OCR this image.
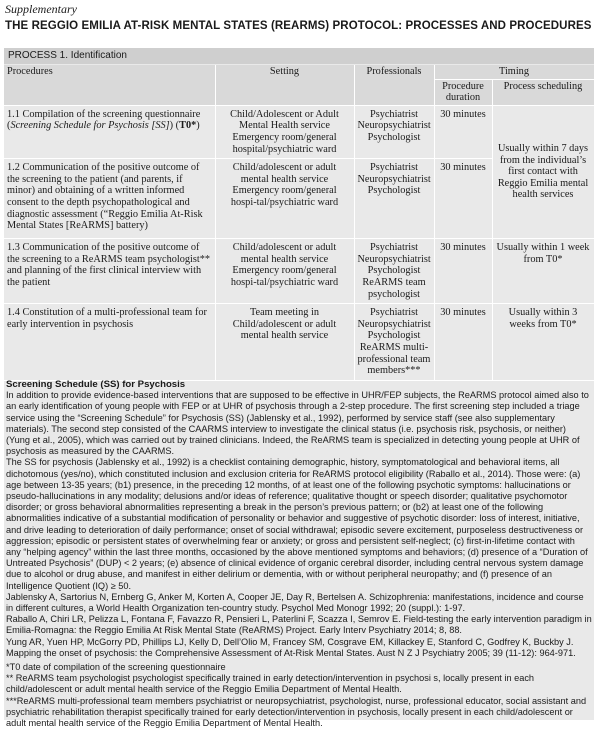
Supplementary
THE REGGIO EMILIA AT-RISK MENTAL STATES (REARMS) PROTOCOL: PROCESSES AND PROCEDURES
PROCESS 1. Identification
Procedures	Setting	Professionals	Timing	
			Procedure duration	Process scheduling
1.1 Compilation of the screening questionnaire (Screening Schedule for Psychosis [SS]) (T0*)	Child/Adolescent or Adult Mental Health service Emergency room/general hospital/psychiatric ward	Psychiatrist Neuropsychiatrist Psychologist	30 minutes	Usually within 7 days from the individual’s first contact with Reggio Emilia mental health services
1.2 Communication of the positive outcome of the screening to the patient (and parents, if minor) and obtaining of a written informed consent to the depth psychopathological and diagnostic assessment (“Reggio Emilia At-Risk Mental States [ReARMS] battery)	Child/adolescent or adult mental health service Emergency room/general hospi-tal/psychiatric ward	Psychiatrist Neuropsychiatrist Psychologist	30 minutes	
1.3 Communication of the positive outcome of the screening to a ReARMS team psychologist** and planning of the first clinical interview with the patient	Child/adolescent or adult mental health service Emergency room/general hospi-tal/psychiatric ward	Psychiatrist Neuropsychiatrist Psychologist ReARMS team psychologist	30 minutes	Usually within 1 week from T0*
1.4 Constitution of a multi-professional team for early intervention in psychosis	Team meeting in Child/adolescent or adult mental health service	Psychiatrist Neuropsychiatrist Psychologist ReARMS multi-professional team members***	30 minutes	Usually within 3 weeks from T0*

Screening Schedule (SS) for Psychosis

In addition to provide evidence-based interventions that are supposed to be effective in UHR/FEP subjects, the ReARMS protocol aimed also to an early identification of young people with FEP or at UHR of psychosis through a 2-step procedure. The first screening step included a triage service using the “Screening Schedule” for Psychosis (SS) (Jablensky et al., 1992), performed by service staff (see also supplementary materials). The second step consisted of the CAARMS interview to investigate the clinical status (i.e. psychosis risk, psychosis, or neither) (Yung et al., 2005), which was carried out by trained clinicians. Indeed, the ReARMS team is specialized in detecting young people at UHR of psychosis as measured by the CAARMS.

The SS for psychosis (Jablensky et al., 1992) is a checklist containing demographic, history, symptomatological and behavioral items, all dichotomous (yes/no), which constituted inclusion and exclusion criteria for ReARMS protocol eligibility (Raballo et al., 2014). Those were: (a) age between 13-35 years; (b1) presence, in the preceding 12 months, of at least one of the following psychotic symptoms: hallucinations or pseudo-hallucinations in any modality; delusions and/or ideas of reference; qualitative thought or speech disorder; qualitative psychomotor disorder; or gross behavioral abnormalities representing a break in the person’s previous pattern; or (b2) at least one of the following abnormalities indicative of a substantial modification of personality or behavior and suggestive of psychotic disorder: loss of interest, initiative, and drive leading to deterioration of daily performance; onset of social withdrawal; episodic severe excitement, purposeless destructiveness or aggression; episodic or persistent states of overwhelming fear or anxiety; or gross and persistent self-neglect; (c) first-in-lifetime contact with any “helping agency” within the last three months, occasioned by the above mentioned symptoms and behaviors; (d) presence of a “Duration of Untreated Psychosis” (DUP) < 2 years; (e) absence of clinical evidence of organic cerebral disorder, including central nervous system damage due to alcohol or drug abuse, and manifest in either delirium or dementia, with or without peripheral neuropathy; and (f) presence of an Intelligence Quotient (IQ) ≥ 50.

Jablensky A, Sartorius N, Ernberg G, Anker M, Korten A, Cooper JE, Day R, Bertelsen A. Schizophrenia: manifestations, incidence and course in different cultures, a World Health Organization ten-country study. Psychol Med Monogr 1992; 20 (suppl.): 1-97.

Raballo A, Chiri LR, Pelizza L, Fontana F, Favazzo R, Pensieri L, Paterlini F, Scazza I, Semrov E. Field-testing the early intervention paradigm in Emilia-Romagna: the Reggio Emilia At Risk Mental State (ReARMS) Project. Early Interv Psychiatry 2014; 8, 88.

Yung AR, Yuen HP, McGorry PD, Phillips LJ, Kelly D, Dell’Olio M, Francey SM, Cosgrave EM, Killackey E, Stanford C, Godfrey K, Buckby J. Mapping the onset of psychosis: the Comprehensive Assessment of At-Risk Mental States. Aust N Z J Psychiatry 2005; 39 (11-12): 964-971.

*T0 date of compilation of the screening questionnaire

** ReARMS team psychologist psychologist specifically trained in early detection/intervention in psychosi s, locally present in each child/adolescent or adult mental health service of the Reggio Emilia Department of Mental Health.

***ReARMS multi-professional team members psychiatrist or neuropsychiatrist, psychologist, nurse, professional educator, social assistant and psychiatric rehabilitation therapist specifically trained for early detection/intervention in psychosis, locally present in each child/adolescent or adult mental health service of the Reggio Emilia Department of Mental Health.
